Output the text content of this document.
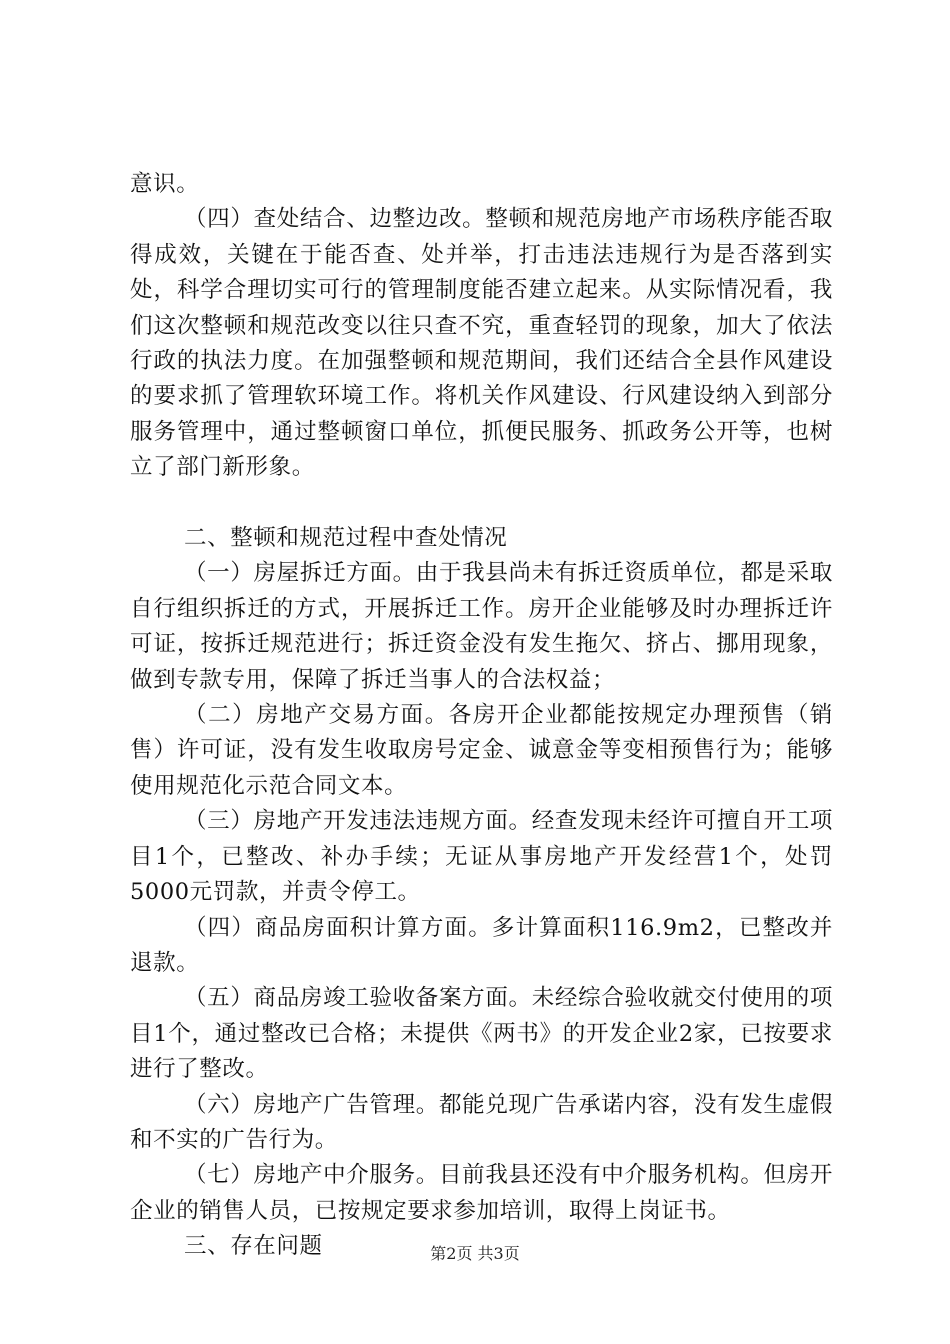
意识。

（四）查处结合、边整边改。整顿和规范房地产市场秩序能否取得成效，关键在于能否查、处并举，打击违法违规行为是否落到实处，科学合理切实可行的管理制度能否建立起来。从实际情况看，我们这次整顿和规范改变以往只查不究，重查轻罚的现象，加大了依法行政的执法力度。在加强整顿和规范期间，我们还结合全县作风建设的要求抓了管理软环境工作。将机关作风建设、行风建设纳入到部分服务管理中，通过整顿窗口单位，抓便民服务、抓政务公开等，也树立了部门新形象。

二、整顿和规范过程中查处情况

（一）房屋拆迁方面。由于我县尚未有拆迁资质单位，都是采取自行组织拆迁的方式，开展拆迁工作。房开企业能够及时办理拆迁许可证，按拆迁规范进行；拆迁资金没有发生拖欠、挤占、挪用现象，做到专款专用，保障了拆迁当事人的合法权益；

（二）房地产交易方面。各房开企业都能按规定办理预售（销售）许可证，没有发生收取房号定金、诚意金等变相预售行为；能够使用规范化示范合同文本。

（三）房地产开发违法违规方面。经查发现未经许可擅自开工项目1个，已整改、补办手续；无证从事房地产开发经营1个，处罚5000元罚款，并责令停工。

（四）商品房面积计算方面。多计算面积116.9m2，已整改并退款。

（五）商品房竣工验收备案方面。未经综合验收就交付使用的项目1个，通过整改已合格；未提供《两书》的开发企业2家，已按要求进行了整改。

（六）房地产广告管理。都能兑现广告承诺内容，没有发生虚假和不实的广告行为。

（七）房地产中介服务。目前我县还没有中介服务机构。但房开企业的销售人员，已按规定要求参加培训，取得上岗证书。

三、存在问题	第2页 共3页
